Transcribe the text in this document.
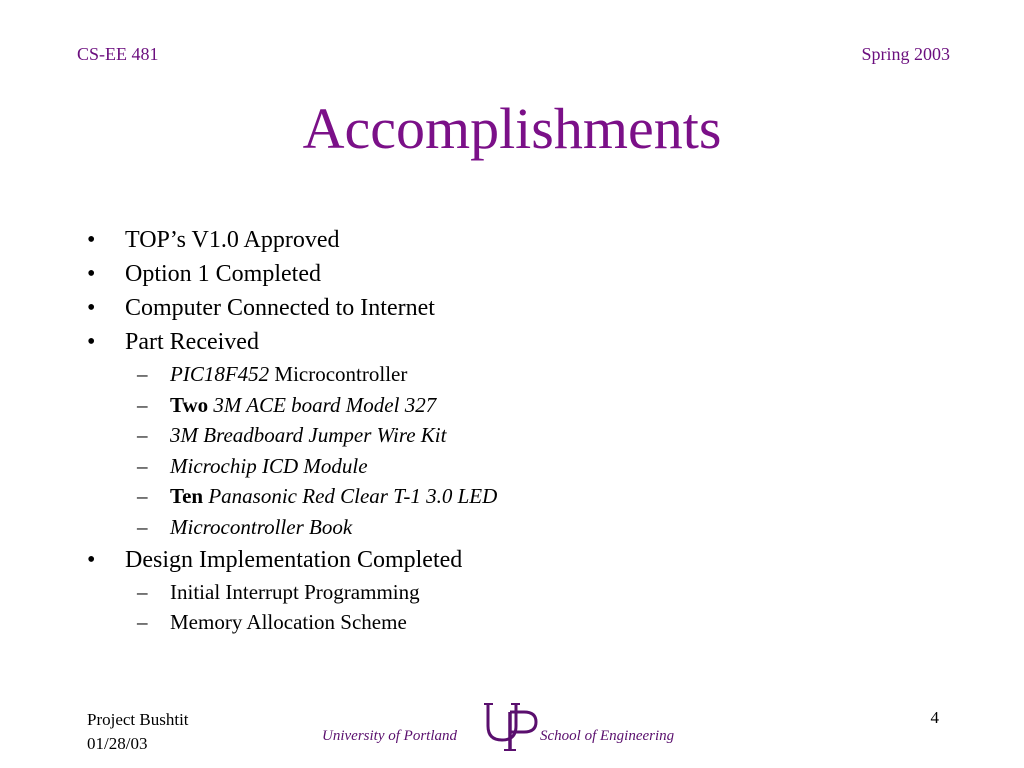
CS-EE 481	Spring 2003
Accomplishments
• TOP’s V1.0 Approved
• Option 1 Completed
• Computer Connected to Internet
• Part Received
– PIC18F452 Microcontroller
– Two 3M ACE board Model 327
– 3M Breadboard Jumper Wire Kit
– Microchip ICD Module
– Ten Panasonic Red Clear T-1 3.0 LED
– Microcontroller Book
• Design Implementation Completed
– Initial Interrupt Programming
– Memory Allocation Scheme
Project Bushtit
01/28/03	University of Portland	School of Engineering
4
